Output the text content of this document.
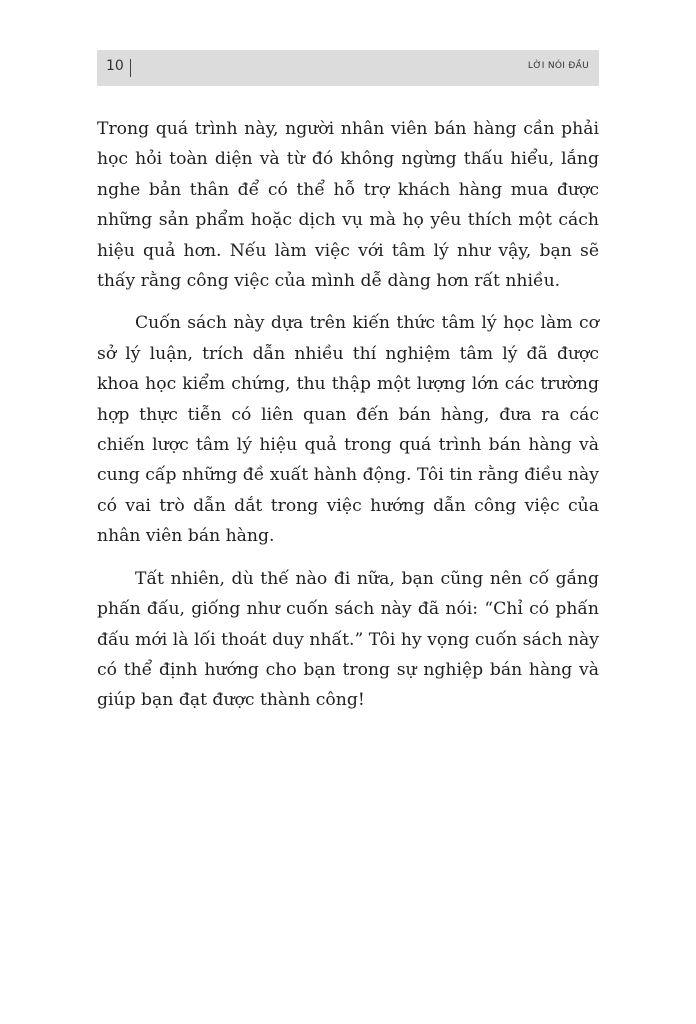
10	LỜI NÓI ĐẦU

Trong quá trình này, người nhân viên bán hàng cần phải học hỏi toàn diện và từ đó không ngừng thấu hiểu, lắng nghe bản thân để có thể hỗ trợ khách hàng mua được những sản phẩm hoặc dịch vụ mà họ yêu thích một cách hiệu quả hơn. Nếu làm việc với tâm lý như vậy, bạn sẽ thấy rằng công việc của mình dễ dàng hơn rất nhiều.

Cuốn sách này dựa trên kiến thức tâm lý học làm cơ sở lý luận, trích dẫn nhiều thí nghiệm tâm lý đã được khoa học kiểm chứng, thu thập một lượng lớn các trường hợp thực tiễn có liên quan đến bán hàng, đưa ra các chiến lược tâm lý hiệu quả trong quá trình bán hàng và cung cấp những đề xuất hành động. Tôi tin rằng điều này có vai trò dẫn dắt trong việc hướng dẫn công việc của nhân viên bán hàng.

Tất nhiên, dù thế nào đi nữa, bạn cũng nên cố gắng phấn đấu, giống như cuốn sách này đã nói: “Chỉ có phấn đấu mới là lối thoát duy nhất.” Tôi hy vọng cuốn sách này có thể định hướng cho bạn trong sự nghiệp bán hàng và giúp bạn đạt được thành công!
